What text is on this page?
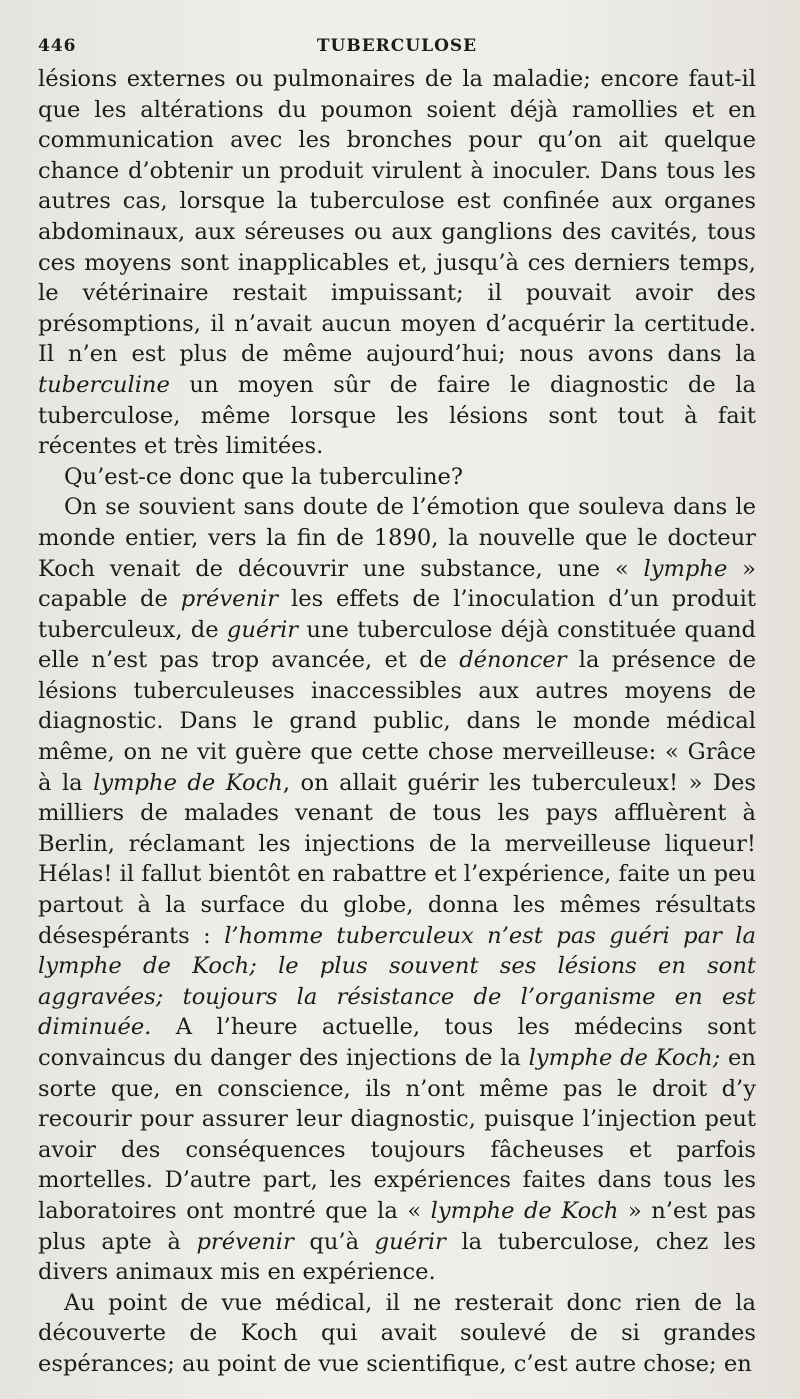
446	TUBERCULOSE

lésions externes ou pulmonaires de la maladie; encore faut-il que les altérations du poumon soient déjà ramollies et en communication avec les bronches pour qu’on ait quelque chance d’obtenir un produit virulent à inoculer. Dans tous les autres cas, lorsque la tuberculose est confinée aux organes abdominaux, aux séreuses ou aux ganglions des cavités, tous ces moyens sont inapplicables et, jusqu’à ces derniers temps, le vétérinaire restait impuissant; il pouvait avoir des présomptions, il n’avait aucun moyen d’acquérir la certitude. Il n’en est plus de même aujourd’hui; nous avons dans la tuberculine un moyen sûr de faire le diagnostic de la tuberculose, même lorsque les lésions sont tout à fait récentes et très limitées.

Qu’est-ce donc que la tuberculine?

On se souvient sans doute de l’émotion que souleva dans le monde entier, vers la fin de 1890, la nouvelle que le docteur Koch venait de découvrir une substance, une « lymphe » capable de prévenir les effets de l’inoculation d’un produit tuberculeux, de guérir une tuberculose déjà constituée quand elle n’est pas trop avancée, et de dénoncer la présence de lésions tuberculeuses inaccessibles aux autres moyens de diagnostic. Dans le grand public, dans le monde médical même, on ne vit guère que cette chose merveilleuse: « Grâce à la lymphe de Koch, on allait guérir les tuberculeux! » Des milliers de malades venant de tous les pays affluèrent à Berlin, réclamant les injections de la merveilleuse liqueur! Hélas! il fallut bientôt en rabattre et l’expérience, faite un peu partout à la surface du globe, donna les mêmes résultats désespérants : l’homme tuberculeux n’est pas guéri par la lymphe de Koch; le plus souvent ses lésions en sont aggravées; toujours la résistance de l’organisme en est diminuée. A l’heure actuelle, tous les médecins sont convaincus du danger des injections de la lymphe de Koch; en sorte que, en conscience, ils n’ont même pas le droit d’y recourir pour assurer leur diagnostic, puisque l’injection peut avoir des conséquences toujours fâcheuses et parfois mortelles. D’autre part, les expériences faites dans tous les laboratoires ont montré que la « lymphe de Koch » n’est pas plus apte à prévenir qu’à guérir la tuberculose, chez les divers animaux mis en expérience.

Au point de vue médical, il ne resterait donc rien de la découverte de Koch qui avait soulevé de si grandes espérances; au point de vue scientifique, c’est autre chose; en
